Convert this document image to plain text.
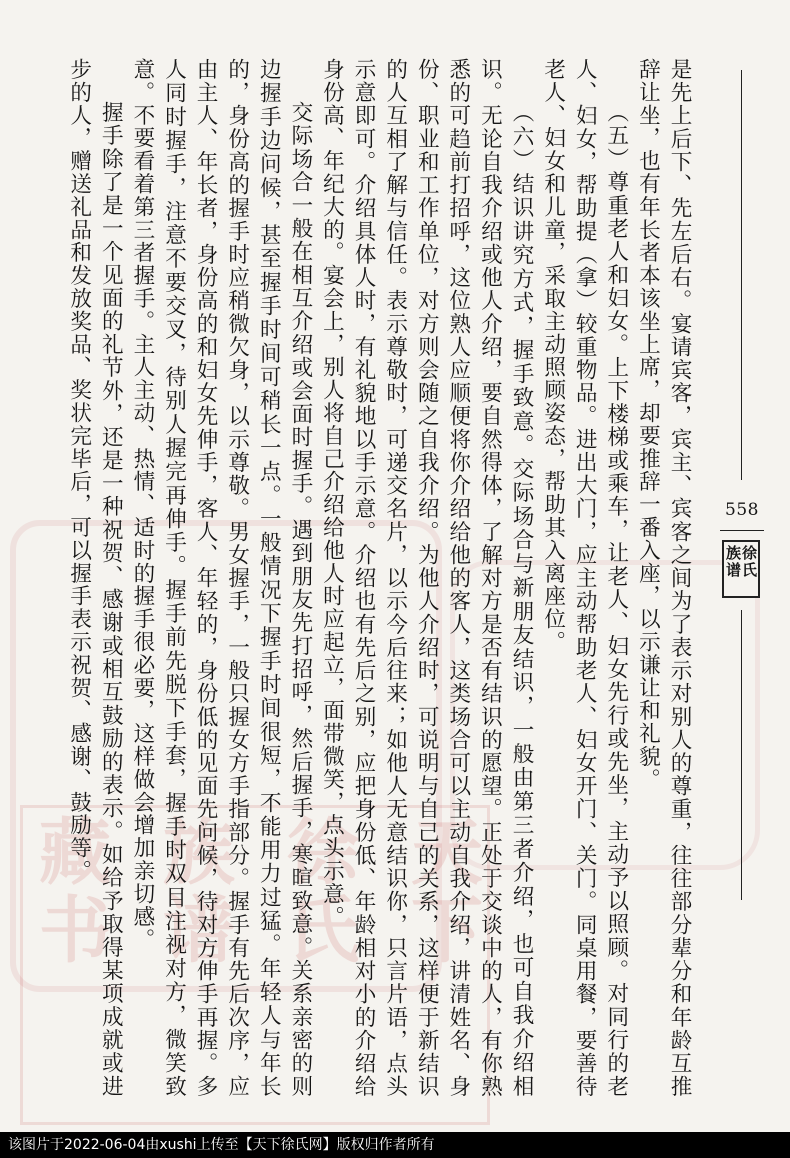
天下
徐氏
族谱
藏书	是先上后下、先左后右。宴请宾客，宾主、宾客之间为了表示对别人的尊重，往往部分辈分和年龄互推辞让坐，也有年长者本该坐上席，却要推辞一番入座，以示谦让和礼貌。

（五）尊重老人和妇女。上下楼梯或乘车，让老人、妇女先行或先坐，主动予以照顾。对同行的老人、妇女，帮助提（拿）较重物品。进出大门，应主动帮助老人、妇女开门、关门。同桌用餐，要善待老人、妇女和儿童，采取主动照顾姿态，帮助其入离座位。

（六）结识讲究方式，握手致意。交际场合与新朋友结识，一般由第三者介绍，也可自我介绍相识。无论自我介绍或他人介绍，要自然得体，了解对方是否有结识的愿望。正处于交谈中的人，有你熟悉的可趋前打招呼，这位熟人应顺便将你介绍给他的客人，这类场合可以主动自我介绍，讲清姓名、身份、职业和工作单位，对方则会随之自我介绍。为他人介绍时，可说明与自己的关系，这样便于新结识的人互相了解与信任。表示尊敬时，可递交名片，以示今后往来；如他人无意结识你，只言片语，点头示意即可。介绍具体人时，有礼貌地以手示意。介绍也有先后之别，应把身份低、年龄相对小的介绍给身份高、年纪大的。宴会上，别人将自己介绍给他人时应起立，面带微笑，点头示意。

交际场合一般在相互介绍或会面时握手。遇到朋友先打招呼，然后握手，寒暄致意。关系亲密的则边握手边问候，甚至握手时间可稍长一点。一般情况下握手时间很短，不能用力过猛。年轻人与年长的，身份高的握手时应稍微欠身，以示尊敬。男女握手，一般只握女方手指部分。握手有先后次序，应由主人、年长者，身份高的和妇女先伸手，客人、年轻的，身份低的见面先问候，待对方伸手再握。多人同时握手，注意不要交叉，待别人握完再伸手。握手前先脱下手套，握手时双目注视对方，微笑致意。不要看着第三者握手。主人主动、热情、适时的握手很必要，这样做会增加亲切感。

握手除了是一个见面的礼节外，还是一种祝贺、感谢或相互鼓励的表示。如给予取得某项成就或进步的人，赠送礼品和发放奖品、奖状完毕后，可以握手表示祝贺、感谢、鼓励等。	558
徐氏
族谱
该图片于2022-06-04由xushi上传至【天下徐氏网】版权归作者所有
